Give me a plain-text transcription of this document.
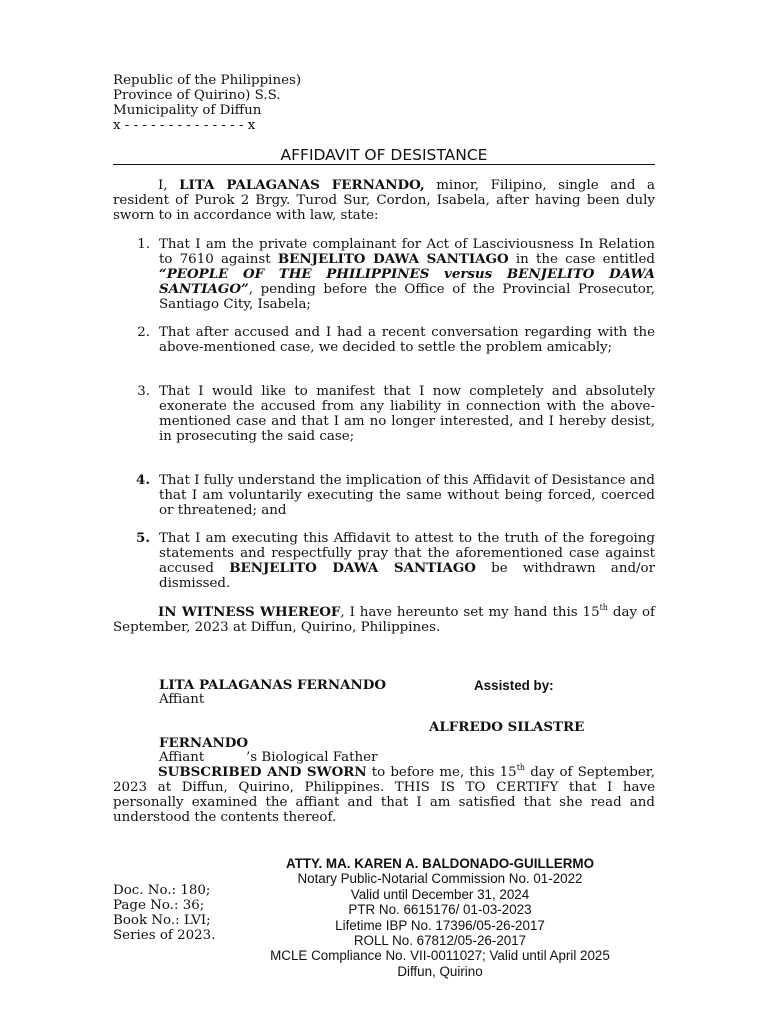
Republic of the Philippines)
Province of Quirino) S.S.
Municipality of Diffun
x - - - - - - - - - - - - - - x
AFFIDAVIT OF DESISTANCE
I, LITA PALAGANAS FERNANDO, minor, Filipino, single and a resident of Purok 2 Brgy. Turod Sur, Cordon, Isabela, after having been duly sworn to in accordance with law, state:
1. That I am the private complainant for Act of Lasciviousness In Relation to 7610 against BENJELITO DAWA SANTIAGO in the case entitled “PEOPLE OF THE PHILIPPINES versus BENJELITO DAWA SANTIAGO”, pending before the Office of the Provincial Prosecutor, Santiago City, Isabela;
2. That after accused and I had a recent conversation regarding with the above-mentioned case, we decided to settle the problem amicably;
3. That I would like to manifest that I now completely and absolutely exonerate the accused from any liability in connection with the above-mentioned case and that I am no longer interested, and I hereby desist, in prosecuting the said case;
4. That I fully understand the implication of this Affidavit of Desistance and that I am voluntarily executing the same without being forced, coerced or threatened; and
5. That I am executing this Affidavit to attest to the truth of the foregoing statements and respectfully pray that the aforementioned case against accused BENJELITO DAWA SANTIAGO be withdrawn and/or dismissed.
IN WITNESS WHEREOF, I have hereunto set my hand this 15th day of September, 2023 at Diffun, Quirino, Philippines.
LITA PALAGANAS FERNANDO
Affiant
Assisted by:
ALFREDO SILASTRE
FERNANDO
Affiant	’s Biological Father
SUBSCRIBED AND SWORN to before me, this 15th day of September, 2023 at Diffun, Quirino, Philippines. THIS IS TO CERTIFY that I have personally examined the affiant and that I am satisfied that she read and understood the contents thereof.
ATTY. MA. KAREN A. BALDONADO-GUILLERMO
Notary Public-Notarial Commission No. 01-2022
Valid until December 31, 2024
PTR No. 6615176/ 01-03-2023
Lifetime IBP No. 17396/05-26-2017
ROLL No. 67812/05-26-2017
MCLE Compliance No. VII-0011027; Valid until April 2025
Diffun, Quirino
Doc. No.: 180;
Page No.: 36;
Book No.: LVI;
Series of 2023.
